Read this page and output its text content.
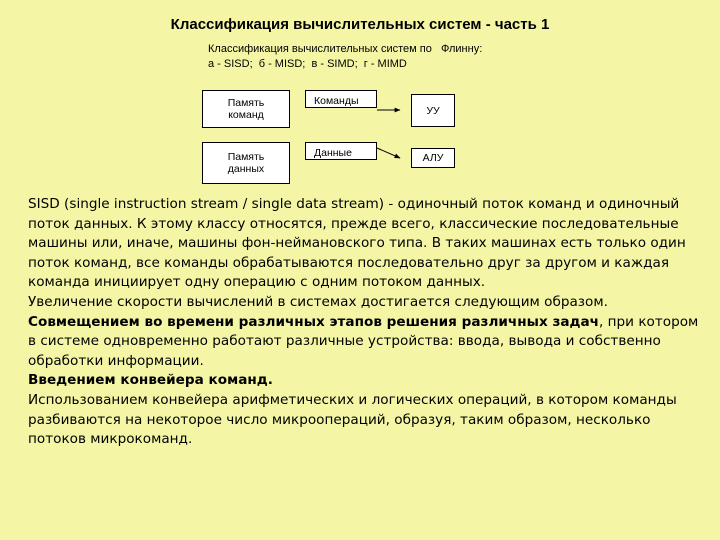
Классификация вычислительных систем - часть 1
Классификация вычислительных систем по   Флинну:
а - SISD;  б - MISD;  в - SIMD;  г - MIMD
Память
команд
Команды
УУ
Память
данных
Данные	АЛУ

SISD (single instruction stream / single data stream) - одиночный поток команд и одиночный поток данных. К этому классу относятся, прежде всего, классические последовательные машины или, иначе, машины фон-неймановского типа. В таких машинах есть только один поток команд, все команды обрабатываются последовательно друг за другом и каждая команда инициирует одну операцию с одним потоком данных.

Увеличение скорости вычислений в системах достигается следующим образом.

Совмещением во времени различных этапов решения различных задач, при котором в системе одновременно работают различные устройства: ввода, вывода и собственно обработки информации.

Введением конвейера команд.

Использованием конвейера арифметических и логических операций, в котором команды разбиваются на некоторое число микроопераций, образуя, таким образом, несколько потоков микрокоманд.
